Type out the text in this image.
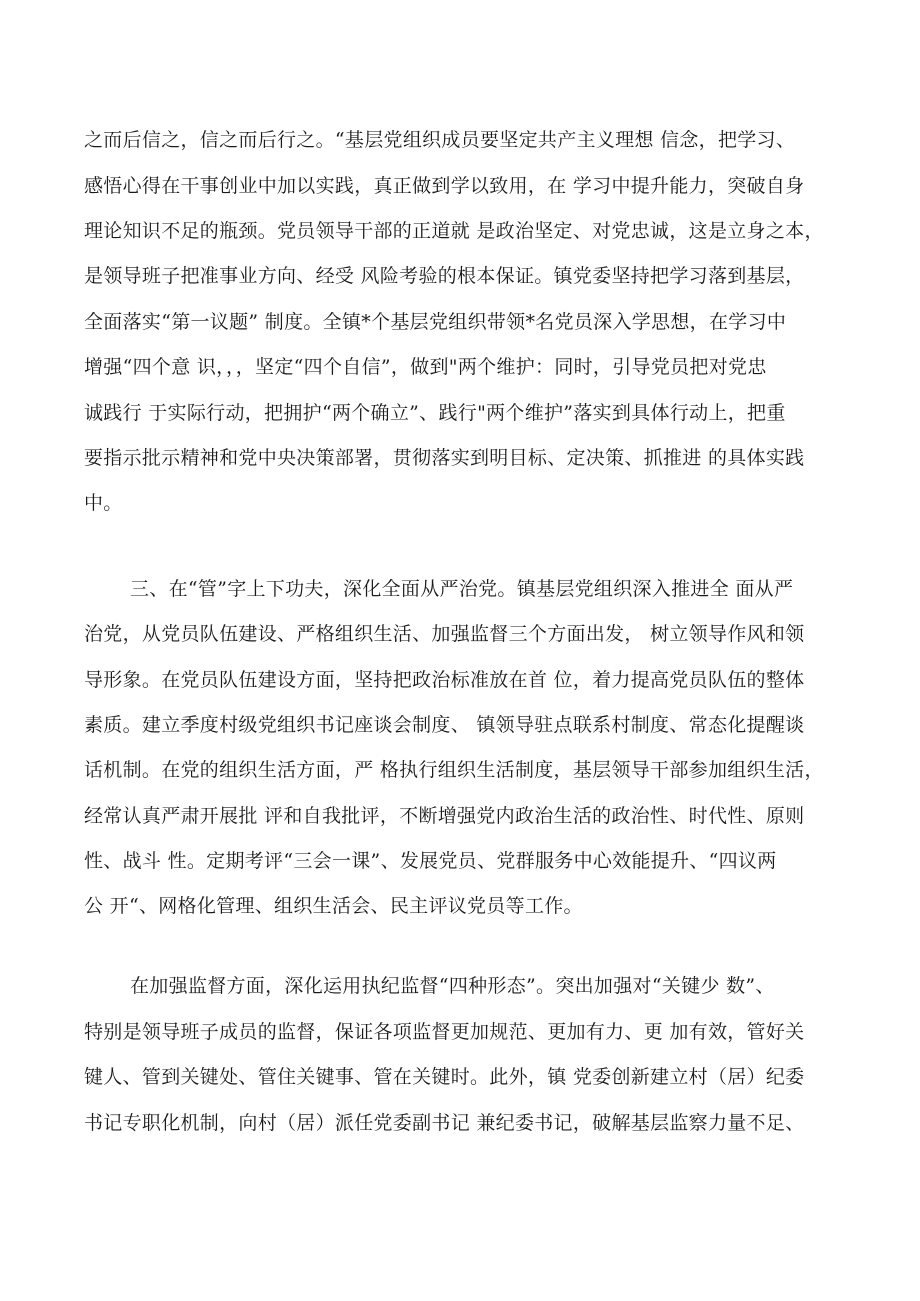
之而后信之，信之而后行之。“基层党组织成员要坚定共产主义理想 信念，把学习、
感悟心得在干事创业中加以实践，真正做到学以致用，在 学习中提升能力，突破自身
理论知识不足的瓶颈。党员领导干部的正道就 是政治坚定、对党忠诚，这是立身之本，
是领导班子把准事业方向、经受 风险考验的根本保证。镇党委坚持把学习落到基层，
全面落实“第一议题” 制度。全镇*个基层党组织带领*名党员深入学思想，在学习中
增强“四个意 识，，，坚定“四个自信”，做到"两个维护：同时，引导党员把对党忠
诚践行 于实际行动，把拥护“两个确立”、践行"两个维护”落实到具体行动上，把重
要指示批示精神和党中央决策部署，贯彻落实到明目标、定决策、抓推进 的具体实践
中。
三、在“管”字上下功夫，深化全面从严治党。镇基层党组织深入推进全 面从严
治党，从党员队伍建设、严格组织生活、加强监督三个方面出发， 树立领导作风和领
导形象。在党员队伍建设方面，坚持把政治标准放在首 位，着力提高党员队伍的整体
素质。建立季度村级党组织书记座谈会制度、 镇领导驻点联系村制度、常态化提醒谈
话机制。在党的组织生活方面，严 格执行组织生活制度，基层领导干部参加组织生活，
经常认真严肃开展批 评和自我批评，不断增强党内政治生活的政治性、时代性、原则
性、战斗 性。定期考评“三会一课”、发展党员、党群服务中心效能提升、“四议两
公 开“、网格化管理、组织生活会、民主评议党员等工作。
在加强监督方面，深化运用执纪监督“四种形态”。突出加强对“关键少 数”、
特别是领导班子成员的监督，保证各项监督更加规范、更加有力、更 加有效，管好关
键人、管到关键处、管住关键事、管在关键时。此外，镇 党委创新建立村（居）纪委
书记专职化机制，向村（居）派任党委副书记 兼纪委书记，破解基层监察力量不足、
